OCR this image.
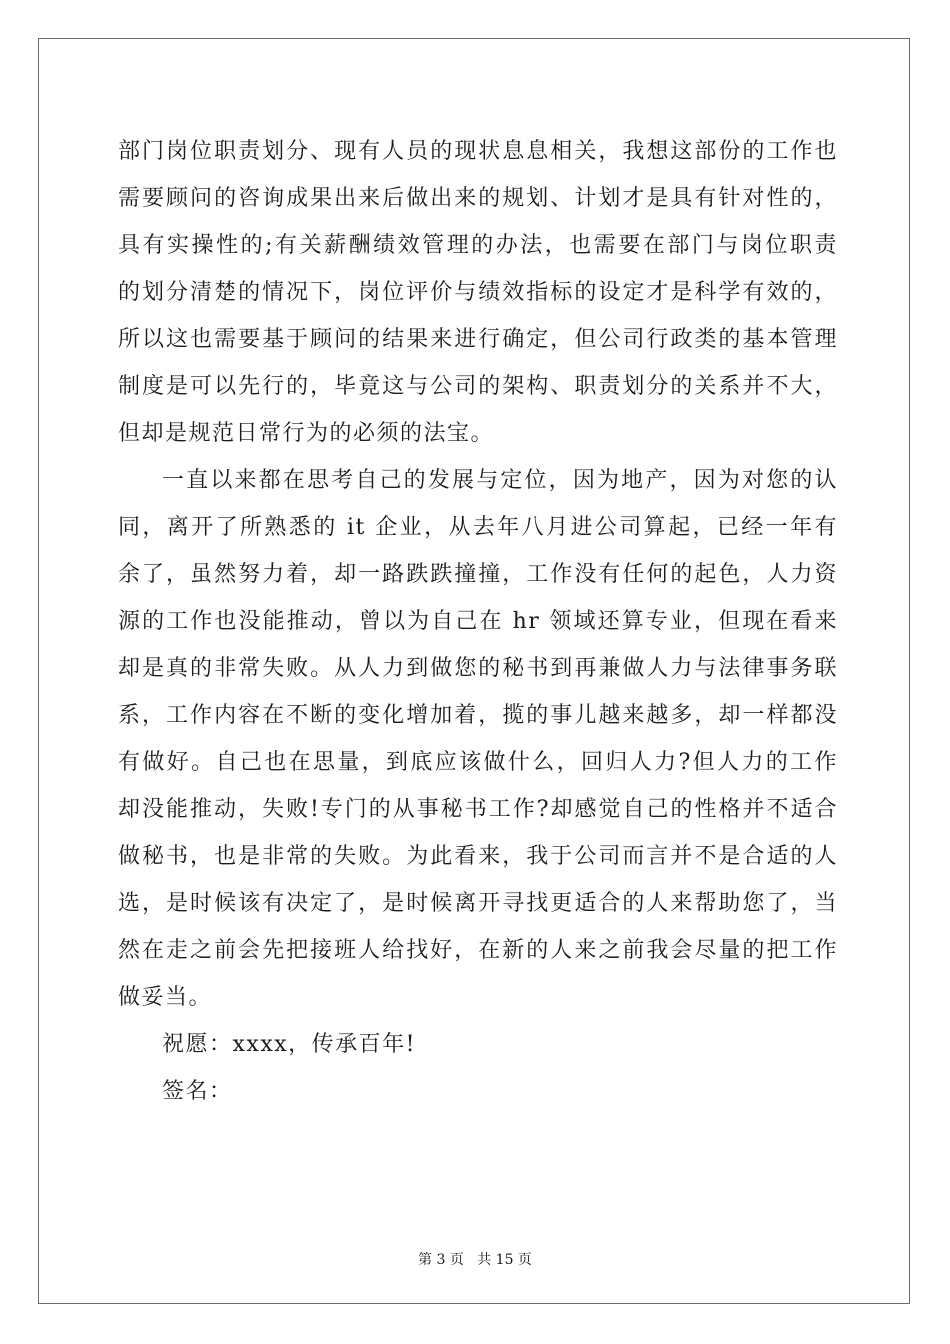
部门岗位职责划分、现有人员的现状息息相关，我想这部份的工作也
需要顾问的咨询成果出来后做出来的规划、计划才是具有针对性的，
具有实操性的;有关薪酬绩效管理的办法，也需要在部门与岗位职责
的划分清楚的情况下，岗位评价与绩效指标的设定才是科学有效的，
所以这也需要基于顾问的结果来进行确定，但公司行政类的基本管理
制度是可以先行的，毕竟这与公司的架构、职责划分的关系并不大，
但却是规范日常行为的必须的法宝。

一直以来都在思考自己的发展与定位，因为地产，因为对您的认
同，离开了所熟悉的 it 企业，从去年八月进公司算起，已经一年有
余了，虽然努力着，却一路跌跌撞撞，工作没有任何的起色，人力资
源的工作也没能推动，曾以为自己在 hr 领域还算专业，但现在看来
却是真的非常失败。从人力到做您的秘书到再兼做人力与法律事务联
系，工作内容在不断的变化增加着，揽的事儿越来越多，却一样都没
有做好。自己也在思量，到底应该做什么，回归人力?但人力的工作
却没能推动，失败!专门的从事秘书工作?却感觉自己的性格并不适合
做秘书，也是非常的失败。为此看来，我于公司而言并不是合适的人
选，是时候该有决定了，是时候离开寻找更适合的人来帮助您了，当
然在走之前会先把接班人给找好，在新的人来之前我会尽量的把工作
做妥当。

祝愿：xxxx，传承百年!

签名：

第 3 页 共 15 页
